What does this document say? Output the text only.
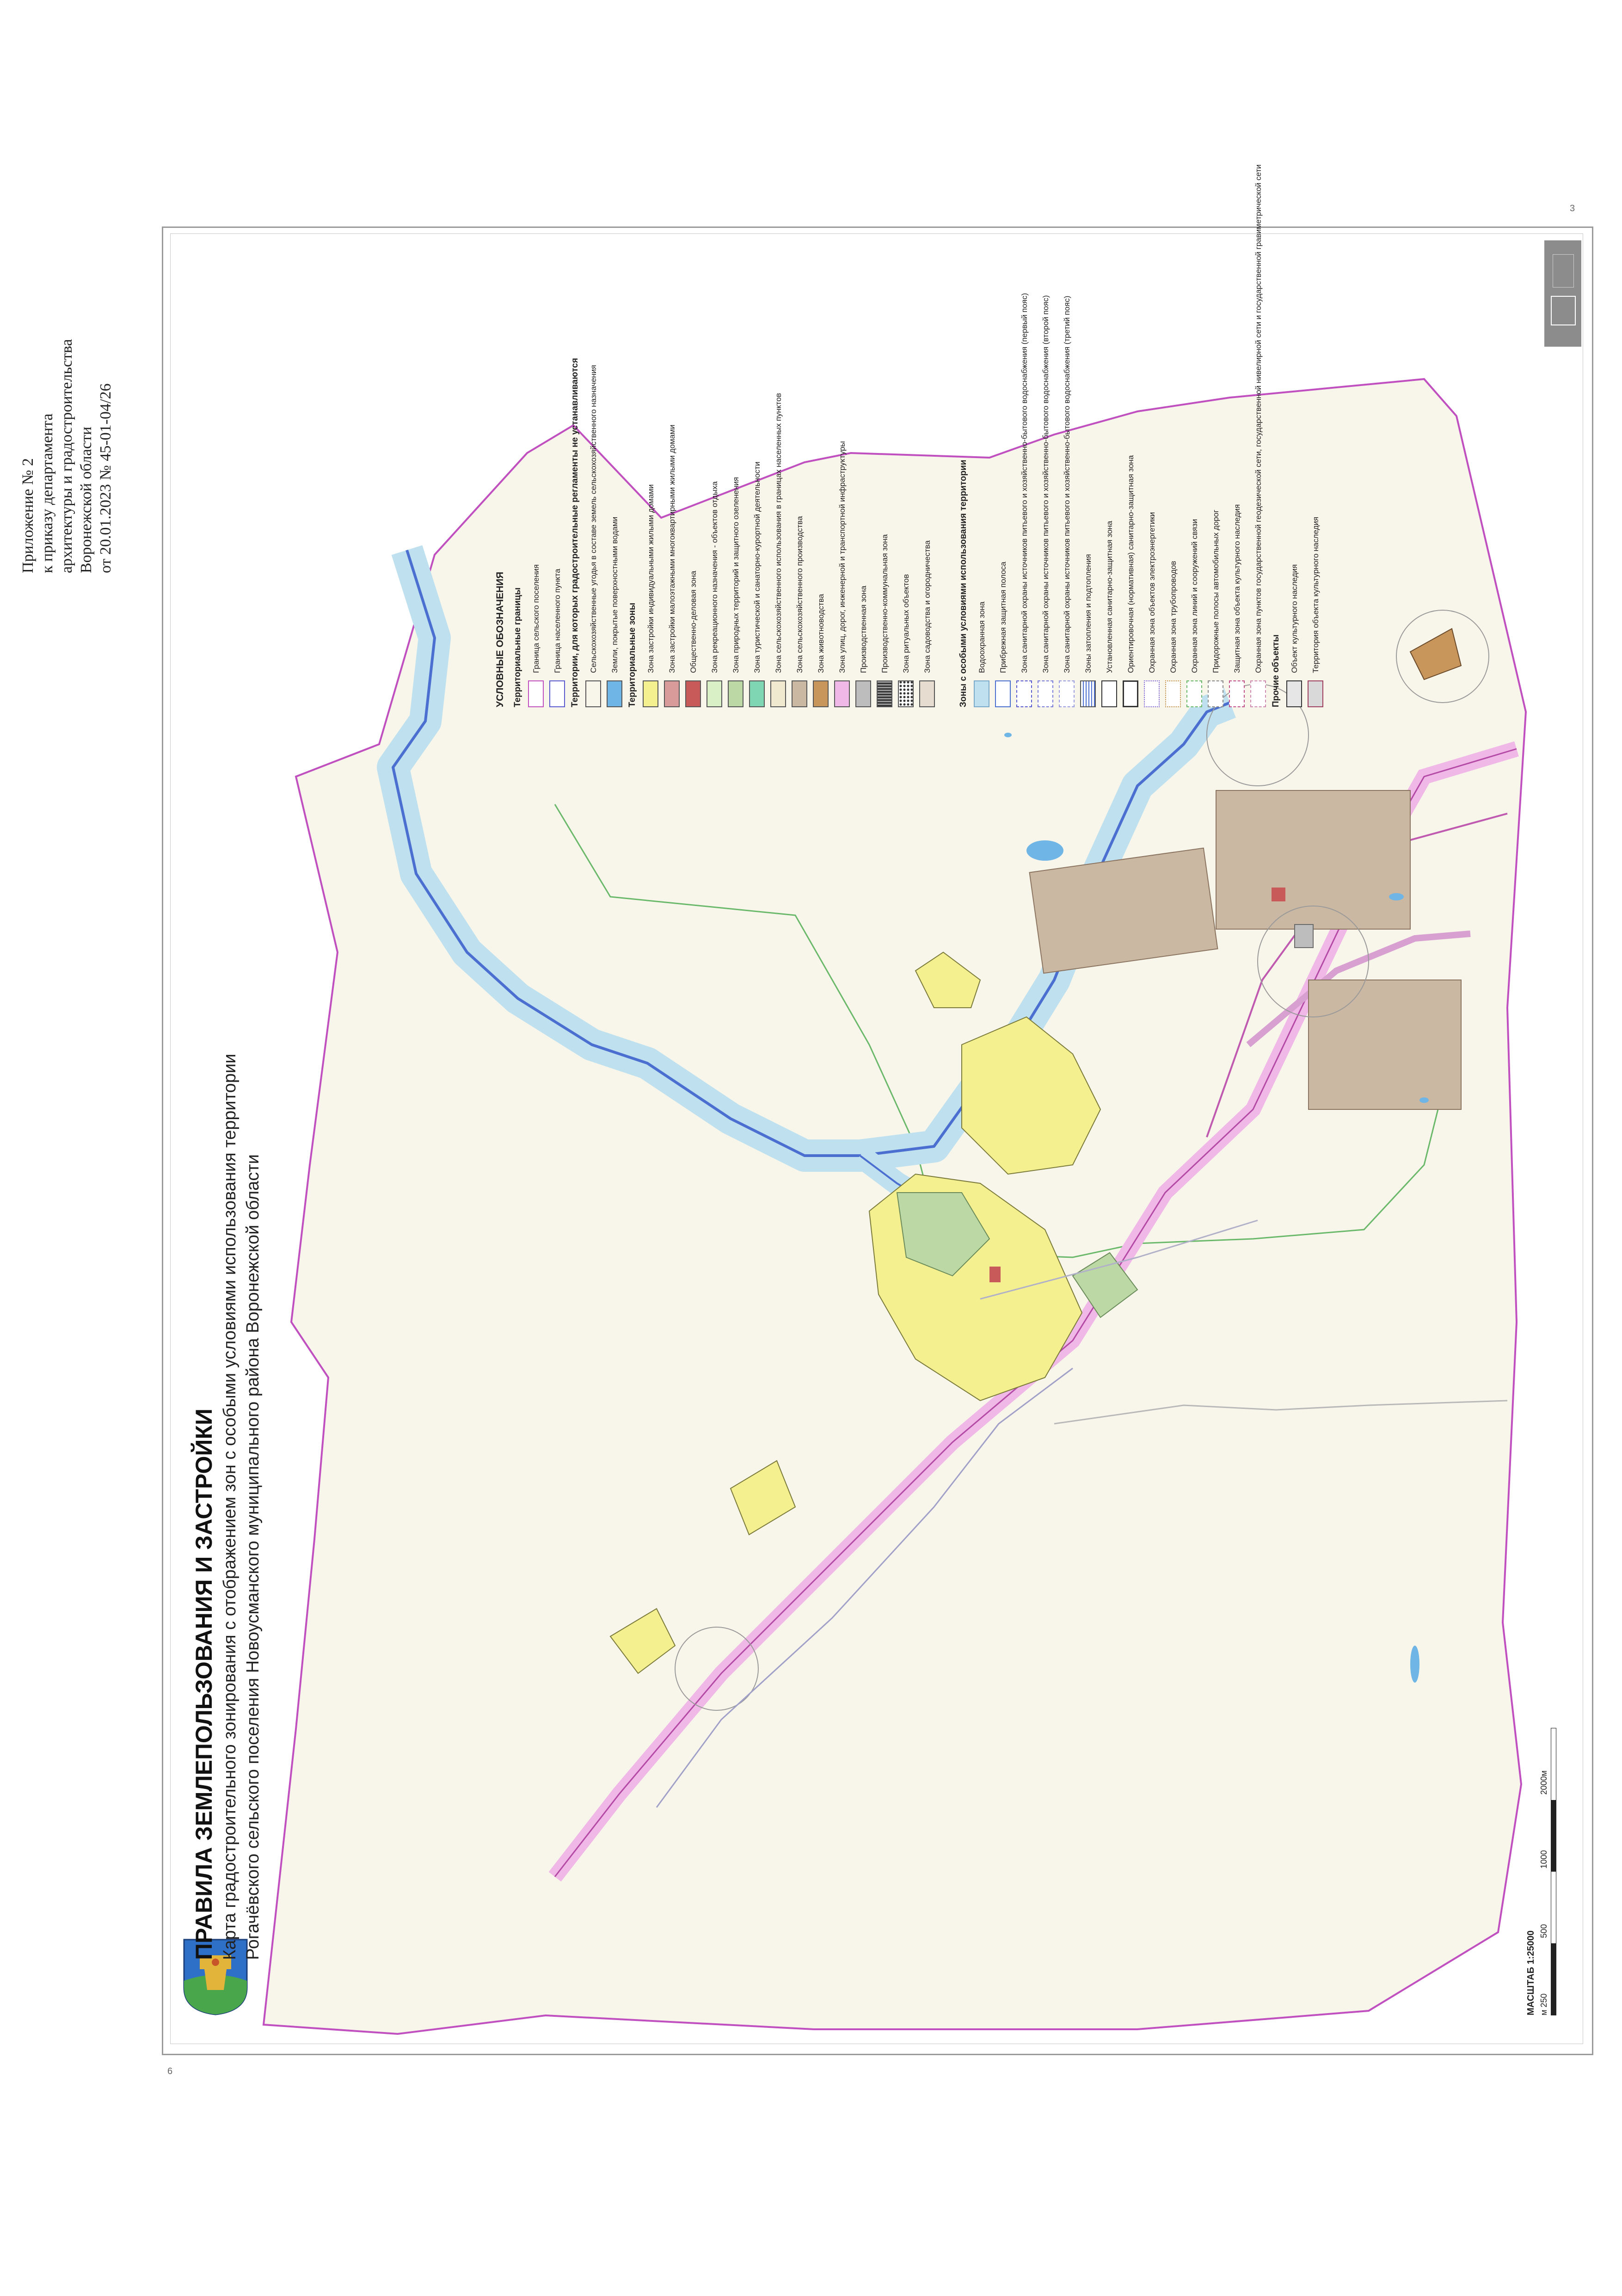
Приложение № 2 к приказу департамента архитектуры и градостроительства Воронежской области от 20.01.2023 № 45-01-04/26
3
6
ПРАВИЛА ЗЕМЛЕПОЛЬЗОВАНИЯ И ЗАСТРОЙКИ Карта градостроительного зонирования с отображением зон с особыми условиями использования территории Рогачёвского сельского поселения Новоусманского муниципального района Воронежской области
УСЛОВНЫЕ ОБОЗНАЧЕНИЯ Территориальные границы	Граница сельского поселения Граница населенного пункта Территории, для которых градостроительные регламенты не устанавливаются	Сельскохозяйственные угодья в составе земель сельскохозяйственного назначения Земли, покрытые поверхностными водами Территориальные зоны	Зона застройки индивидуальными жилыми домами Зона застройки малоэтажными многоквартирными жилыми домами Общественно-деловая зона Зона рекреационного назначения - объектов отдыха Зона природных территорий и защитного озеленения Зона туристической и санаторно-курортной деятельности Зона сельскохозяйственного использования в границах населенных пунктов Зона сельскохозяйственного производства Зона животноводства Зона улиц, дорог, инженерной и транспортной инфраструктуры Производственная зона Производственно-коммунальная зона Зона ритуальных объектов Зона садоводства и огородничества	Зоны с особыми условиями использования территории	Водоохранная зона Прибрежная защитная полоса Зона санитарной охраны источников питьевого и хозяйственно-бытового водоснабжения (первый пояс) Зона санитарной охраны источников питьевого и хозяйственно-бытового водоснабжения (второй пояс) Зона санитарной охраны источников питьевого и хозяйственно-бытового водоснабжения (третий пояс) Зоны затопления и подтопления Установленная санитарно-защитная зона Ориентировочная (нормативная) санитарно-защитная зона Охранная зона объектов электроэнергетики Охранная зона трубопроводов Охранная зона линий и сооружений связи Придорожные полосы автомобильных дорог Защитная зона объекта культурного наследия Охранная зона пунктов государственной геодезической сети, государственной нивелирной сети и государственной гравиметрической сети Прочие объекты	Объект культурного наследия Территория объекта культурного наследия
МАСШТАБ 1:25000 м 250
500
1000
2000м
